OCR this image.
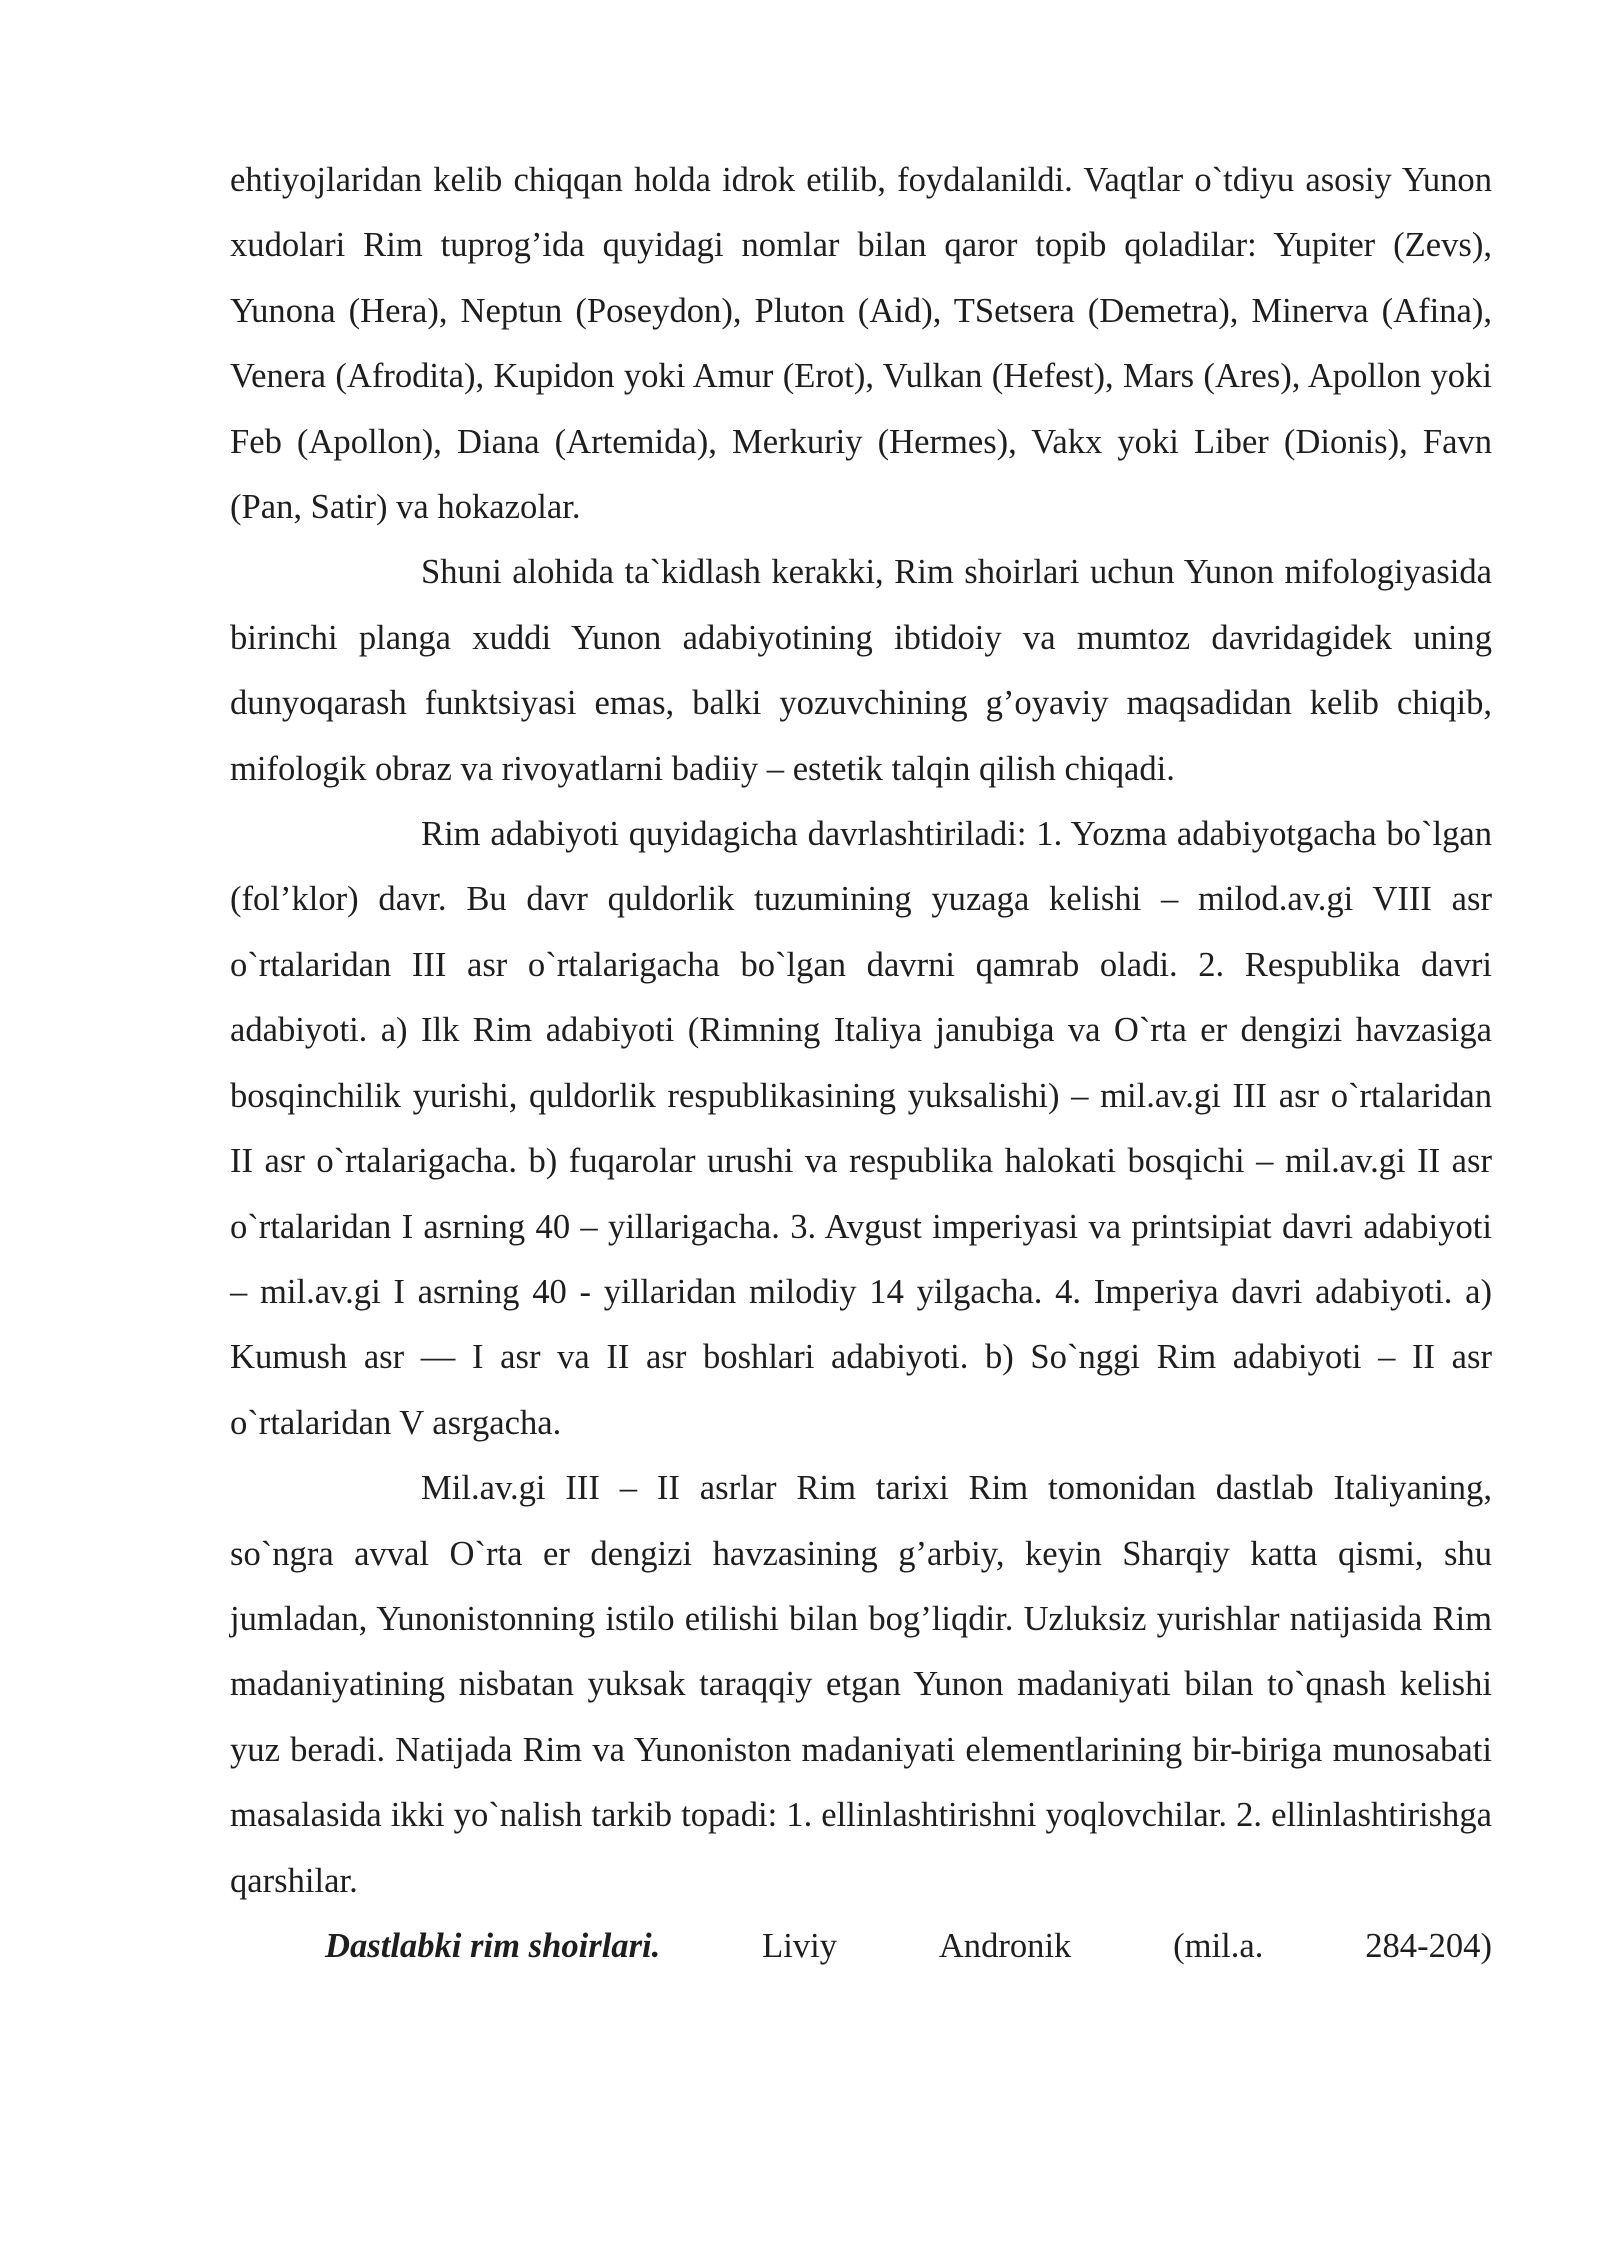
ehtiyojlaridan kelib chiqqan holda idrok etilib, foydalanildi. Vaqtlar o`tdiyu asosiy Yunon xudolari Rim tuprog’ida quyidagi nomlar bilan qaror topib qoladilar: Yupiter (Zevs), Yunona (Hera), Neptun (Poseydon), Pluton (Aid), TSetsera (Demetra), Minerva (Afina), Venera (Afrodita), Kupidon yoki Amur (Erot), Vulkan (Hefest), Mars (Ares), Apollon yoki Feb (Apollon), Diana (Artemida), Merkuriy (Hermes), Vakx yoki Liber (Dionis), Favn (Pan, Satir) va hokazolar.

Shuni alohida ta`kidlash kerakki, Rim shoirlari uchun Yunon mifologiyasida birinchi planga xuddi Yunon adabiyotining ibtidoiy va mumtoz davridagidek uning dunyoqarash funktsiyasi emas, balki yozuvchining g’oyaviy maqsadidan kelib chiqib, mifologik obraz va rivoyatlarni badiiy – estetik talqin qilish chiqadi.

Rim adabiyoti quyidagicha davrlashtiriladi: 1. Yozma adabiyotgacha bo`lgan (fol’klor) davr. Bu davr quldorlik tuzumining yuzaga kelishi – milod.av.gi VIII asr o`rtalaridan III asr o`rtalarigacha bo`lgan davrni qamrab oladi. 2. Respublika davri adabiyoti. a) Ilk Rim adabiyoti (Rimning Italiya janubiga va O`rta er dengizi havzasiga bosqinchilik yurishi, quldorlik respublikasining yuksalishi) – mil.av.gi III asr o`rtalaridan II asr o`rtalarigacha. b) fuqarolar urushi va respublika halokati bosqichi – mil.av.gi II asr o`rtalaridan I asrning 40 – yillarigacha. 3. Avgust imperiyasi va printsipiat davri adabiyoti – mil.av.gi I asrning 40 - yillaridan milodiy 14 yilgacha. 4. Imperiya davri adabiyoti. a) Kumush asr — I asr va II asr boshlari adabiyoti. b) So`nggi Rim adabiyoti – II asr o`rtalaridan V asrgacha.

Mil.av.gi III – II asrlar Rim tarixi Rim tomonidan dastlab Italiyaning, so`ngra avval O`rta er dengizi havzasining g’arbiy, keyin Sharqiy katta qismi, shu jumladan, Yunonistonning istilo etilishi bilan bog’liqdir. Uzluksiz yurishlar natijasida Rim madaniyatining nisbatan yuksak taraqqiy etgan Yunon madaniyati bilan to`qnash kelishi yuz beradi. Natijada Rim va Yunoniston madaniyati elementlarining bir-biriga munosabati masalasida ikki yo`nalish tarkib topadi: 1. ellinlashtirishni yoqlovchilar. 2. ellinlashtirishga qarshilar.

Dastlabki rim shoirlari.	Liviy	Andronik	(mil.a.	284-204)
